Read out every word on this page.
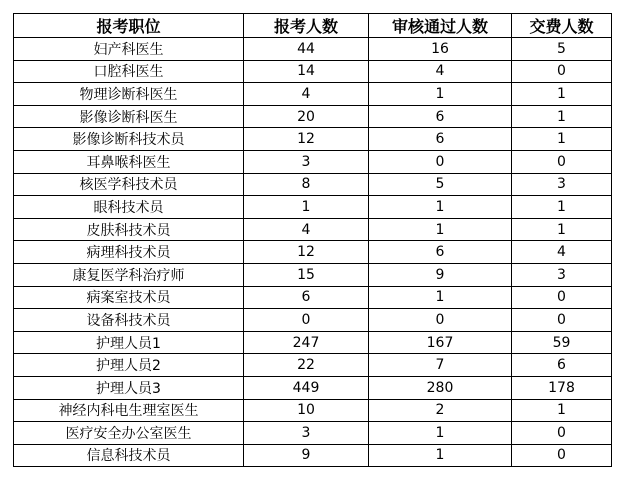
报考职位	报考人数	审核通过人数	交费人数
妇产科医生	44	16	5
口腔科医生	14	4	0
物理诊断科医生	4	1	1
影像诊断科医生	20	6	1
影像诊断科技术员	12	6	1
耳鼻喉科医生	3	0	0
核医学科技术员	8	5	3
眼科技术员	1	1	1
皮肤科技术员	4	1	1
病理科技术员	12	6	4
康复医学科治疗师	15	9	3
病案室技术员	6	1	0
设备科技术员	0	0	0
护理人员1	247	167	59
护理人员2	22	7	6
护理人员3	449	280	178
神经内科电生理室医生	10	2	1
医疗安全办公室医生	3	1	0
信息科技术员	9	1	0
